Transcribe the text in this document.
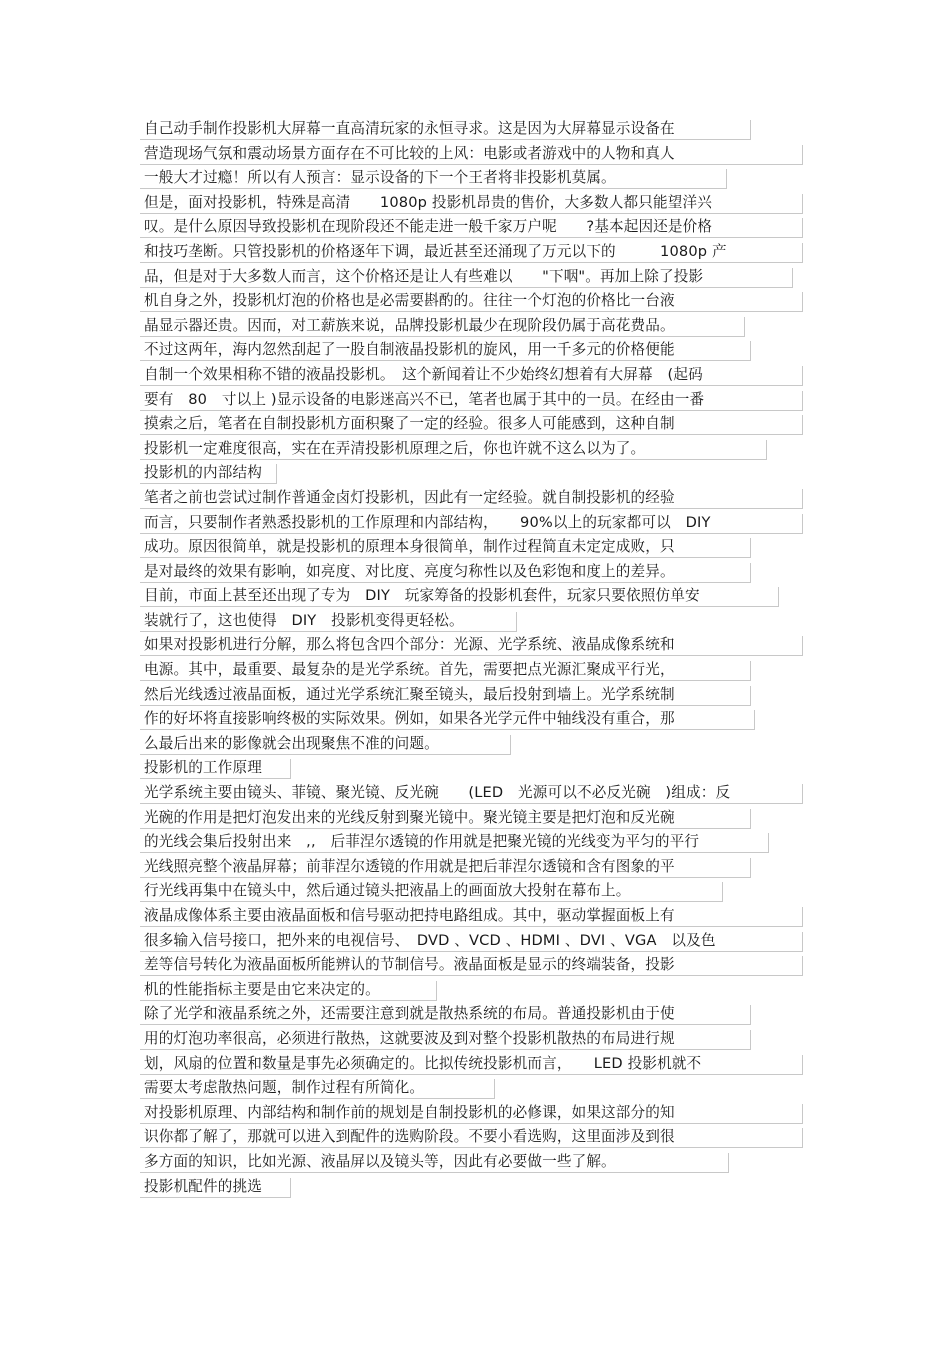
自己动手制作投影机大屏幕一直高清玩家的永恒寻求。这是因为大屏幕显示设备在
营造现场气氛和震动场景方面存在不可比较的上风：电影或者游戏中的人物和真人
一般大才过瘾！所以有人预言：显示设备的下一个王者将非投影机莫属。
但是，面对投影机，特殊是高清　　1080p 投影机昂贵的售价，大多数人都只能望洋兴
叹。是什么原因导致投影机在现阶段还不能走进一般千家万户呢　　?基本起因还是价格
和技巧垄断。只管投影机的价格逐年下调，最近甚至还涌现了万元以下的　　　1080p 产
品，但是对于大多数人而言，这个价格还是让人有些难以　　"下咽"。再加上除了投影
机自身之外，投影机灯泡的价格也是必需要斟酌的。往往一个灯泡的价格比一台液
晶显示器还贵。因而，对工薪族来说，品牌投影机最少在现阶段仍属于高花费品。
不过这两年，海内忽然刮起了一股自制液晶投影机的旋风，用一千多元的价格便能
自制一个效果相称不错的液晶投影机。　这个新闻着让不少始终幻想着有大屏幕　(起码
要有　80　寸以上 )显示设备的电影迷高兴不已，笔者也属于其中的一员。在经由一番
摸索之后，笔者在自制投影机方面积聚了一定的经验。很多人可能感到，这种自制
投影机一定难度很高，实在在弄清投影机原理之后，你也许就不这么以为了。
投影机的内部结构
笔者之前也尝试过制作普通金卤灯投影机，因此有一定经验。就自制投影机的经验
而言，只要制作者熟悉投影机的工作原理和内部结构，　　90%以上的玩家都可以　DIY
成功。原因很简单，就是投影机的原理本身很简单，制作过程简直未定定成败，只
是对最终的效果有影响，如亮度、对比度、亮度匀称性以及色彩饱和度上的差异。
目前，市面上甚至还出现了专为　DIY　玩家筹备的投影机套件，玩家只要依照仿单安
装就行了，这也使得　DIY　投影机变得更轻松。
如果对投影机进行分解，那么将包含四个部分：光源、光学系统、液晶成像系统和
电源。其中，最重要、最复杂的是光学系统。首先，需要把点光源汇聚成平行光，
然后光线透过液晶面板，通过光学系统汇聚至镜头，最后投射到墙上。光学系统制
作的好坏将直接影响终极的实际效果。例如，如果各光学元件中轴线没有重合，那
么最后出来的影像就会出现聚焦不准的问题。
投影机的工作原理
光学系统主要由镜头、菲镜、聚光镜、反光碗　　(LED　光源可以不必反光碗　)组成：反
光碗的作用是把灯泡发出来的光线反射到聚光镜中。聚光镜主要是把灯泡和反光碗
的光线会集后投射出来　,,　后菲涅尔透镜的作用就是把聚光镜的光线变为平匀的平行
光线照亮整个液晶屏幕；前菲涅尔透镜的作用就是把后菲涅尔透镜和含有图象的平
行光线再集中在镜头中，然后通过镜头把液晶上的画面放大投射在幕布上。
液晶成像体系主要由液晶面板和信号驱动把持电路组成。其中，驱动掌握面板上有
很多输入信号接口，把外来的电视信号、　DVD 、VCD 、HDMI 、DVI 、VGA　以及色
差等信号转化为液晶面板所能辨认的节制信号。液晶面板是显示的终端装备，投影
机的性能指标主要是由它来决定的。
除了光学和液晶系统之外，还需要注意到就是散热系统的布局。普通投影机由于使
用的灯泡功率很高，必须进行散热，这就要波及到对整个投影机散热的布局进行规
划，风扇的位置和数量是事先必须确定的。比拟传统投影机而言，　　LED 投影机就不
需要太考虑散热问题，制作过程有所简化。
对投影机原理、内部结构和制作前的规划是自制投影机的必修课，如果这部分的知
识你都了解了，那就可以进入到配件的选购阶段。不要小看选购，这里面涉及到很
多方面的知识，比如光源、液晶屏以及镜头等，因此有必要做一些了解。
投影机配件的挑选
